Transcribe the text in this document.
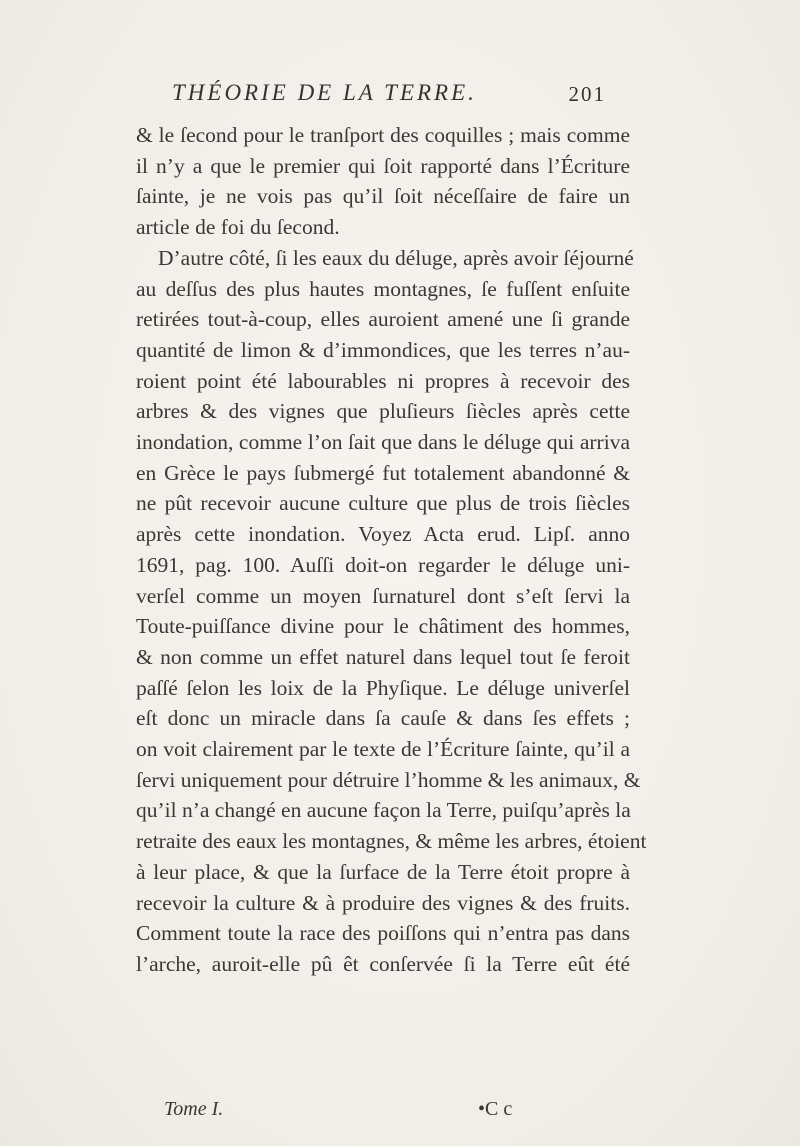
THÉORIE DE LA TERRE.	201
& le ſecond pour le tranſport des coquilles ; mais comme
il n’y a que le premier qui ſoit rapporté dans l’Écriture
ſainte, je ne vois pas qu’il ſoit néceſſaire de faire un
article de foi du ſecond.
D’autre côté, ſi les eaux du déluge, après avoir ſéjourné
au deſſus des plus hautes montagnes, ſe fuſſent enſuite
retirées tout-à-coup, elles auroient amené une ſi grande
quantité de limon & d’immondices, que les terres n’au-
roient point été labourables ni propres à recevoir des
arbres & des vignes que pluſieurs ſiècles après cette
inondation, comme l’on ſait que dans le déluge qui arriva
en Grèce le pays ſubmergé fut totalement abandonné &
ne pût recevoir aucune culture que plus de trois ſiècles
après cette inondation. Voyez Acta erud. Lipſ. anno
1691, pag. 100. Auſſi doit-on regarder le déluge uni-
verſel comme un moyen ſurnaturel dont s’eſt ſervi la
Toute-puiſſance divine pour le châtiment des hommes,
& non comme un effet naturel dans lequel tout ſe feroit
paſſé ſelon les loix de la Phyſique. Le déluge univerſel
eſt donc un miracle dans ſa cauſe & dans ſes effets ;
on voit clairement par le texte de l’Écriture ſainte, qu’il a
ſervi uniquement pour détruire l’homme & les animaux, &
qu’il n’a changé en aucune façon la Terre, puiſqu’après la
retraite des eaux les montagnes, & même les arbres, étoient
à leur place, & que la ſurface de la Terre étoit propre à
recevoir la culture & à produire des vignes & des fruits.
Comment toute la race des poiſſons qui n’entra pas dans
l’arche, auroit-elle pû êt conſervée ſi la Terre eût été
Tome I.	•C c
